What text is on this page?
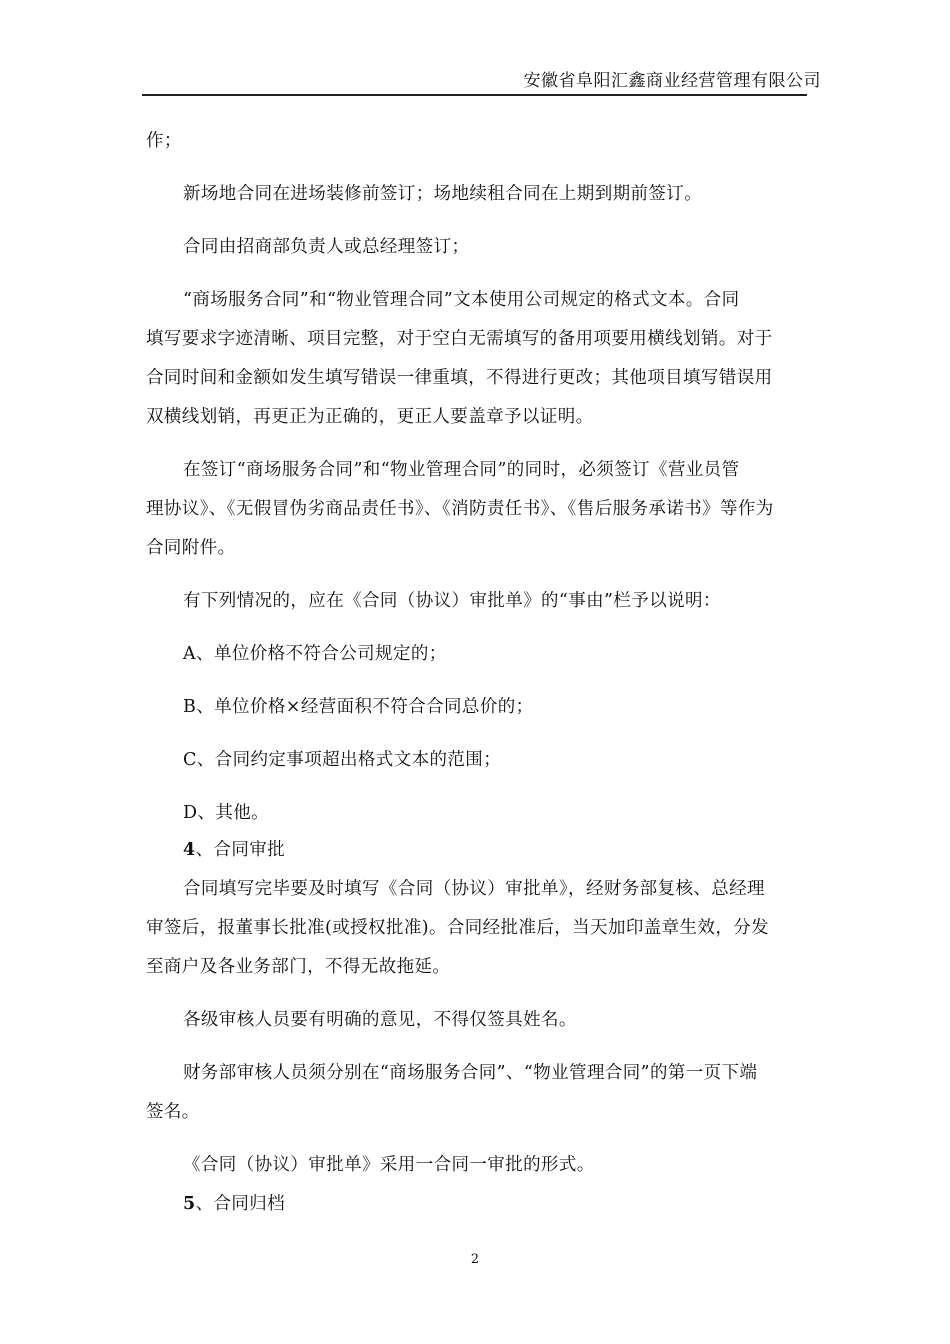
安徽省阜阳汇鑫商业经营管理有限公司
作；
新场地合同在进场装修前签订；场地续租合同在上期到期前签订。
合同由招商部负责人或总经理签订；
“商场服务合同”和“物业管理合同”文本使用公司规定的格式文本。合同
填写要求字迹清晰、项目完整，对于空白无需填写的备用项要用横线划销。对于
合同时间和金额如发生填写错误一律重填，不得进行更改；其他项目填写错误用
双横线划销，再更正为正确的，更正人要盖章予以证明。
在签订“商场服务合同”和“物业管理合同”的同时，必须签订《营业员管
理协议》、《无假冒伪劣商品责任书》、《消防责任书》、《售后服务承诺书》等作为
合同附件。
有下列情况的，应在《合同（协议）审批单》的“事由”栏予以说明：
A、单位价格不符合公司规定的；
B、单位价格×经营面积不符合合同总价的；
C、合同约定事项超出格式文本的范围；
D、其他。
4、合同审批
合同填写完毕要及时填写《合同（协议）审批单》，经财务部复核、总经理
审签后，报董事长批准(或授权批准)。合同经批准后，当天加印盖章生效，分发
至商户及各业务部门，不得无故拖延。
各级审核人员要有明确的意见，不得仅签具姓名。
财务部审核人员须分别在“商场服务合同”、“物业管理合同”的第一页下端
签名。
《合同（协议）审批单》采用一合同一审批的形式。
5、合同归档
2
